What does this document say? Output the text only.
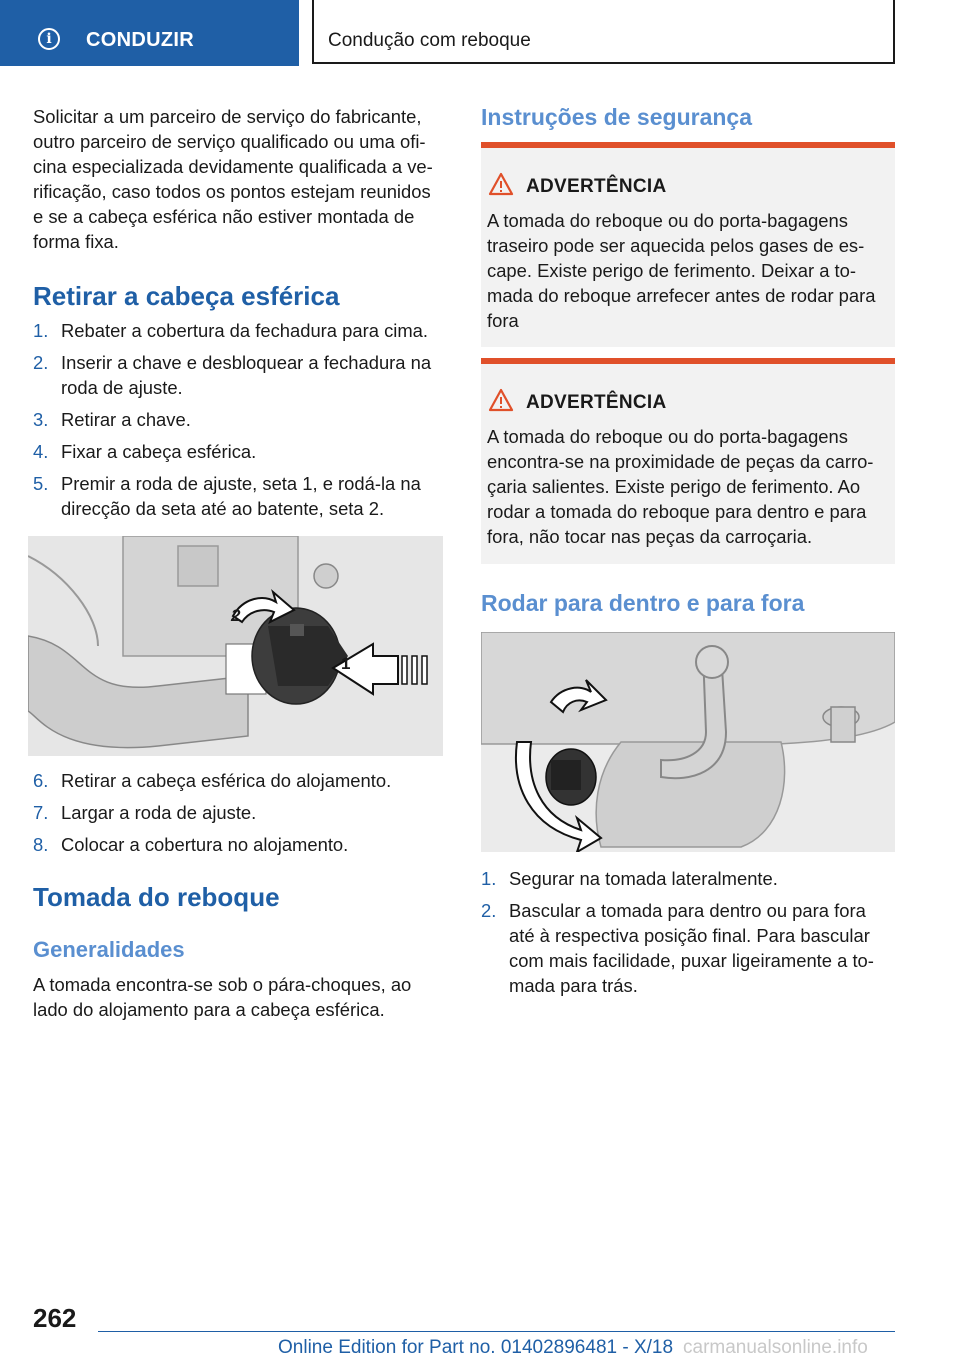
i	CONDUZIR	Condução com reboque

Solicitar a um parceiro de serviço do fabricante, outro parceiro de serviço qualificado ou uma ofi-cina especializada devidamente qualificada a ve-rificação, caso todos os pontos estejam reunidos e se a cabeça esférica não estiver montada de forma fixa.

Retirar a cabeça esférica
1. Rebater a cobertura da fechadura para cima.
2. Inserir a chave e desbloquear a fechadura na roda de ajuste.
3. Retirar a chave.
4. Fixar a cabeça esférica.
5. Premir a roda de ajuste, seta 1, e rodá-la na direcção da seta até ao batente, seta 2.
2
1
6. Retirar a cabeça esférica do alojamento.
7. Largar a roda de ajuste.
8. Colocar a cobertura no alojamento.
Tomada do reboque
Generalidades

A tomada encontra-se sob o pára-choques, ao lado do alojamento para a cabeça esférica.

Instruções de segurança
ADVERTÊNCIA

A tomada do reboque ou do porta-bagagens traseiro pode ser aquecida pelos gases de es-cape. Existe perigo de ferimento. Deixar a to-mada do reboque arrefecer antes de rodar para fora

ADVERTÊNCIA

A tomada do reboque ou do porta-bagagens encontra-se na proximidade de peças da carro-çaria salientes. Existe perigo de ferimento. Ao rodar a tomada do reboque para dentro e para fora, não tocar nas peças da carroçaria.

Rodar para dentro e para fora
1. Segurar na tomada lateralmente.
2. Bascular a tomada para dentro ou para fora até à respectiva posição final. Para bascular com mais facilidade, puxar ligeiramente a to-mada para trás.
262
Online Edition for Part no. 01402896481 - X/18 carmanualsonline.info
